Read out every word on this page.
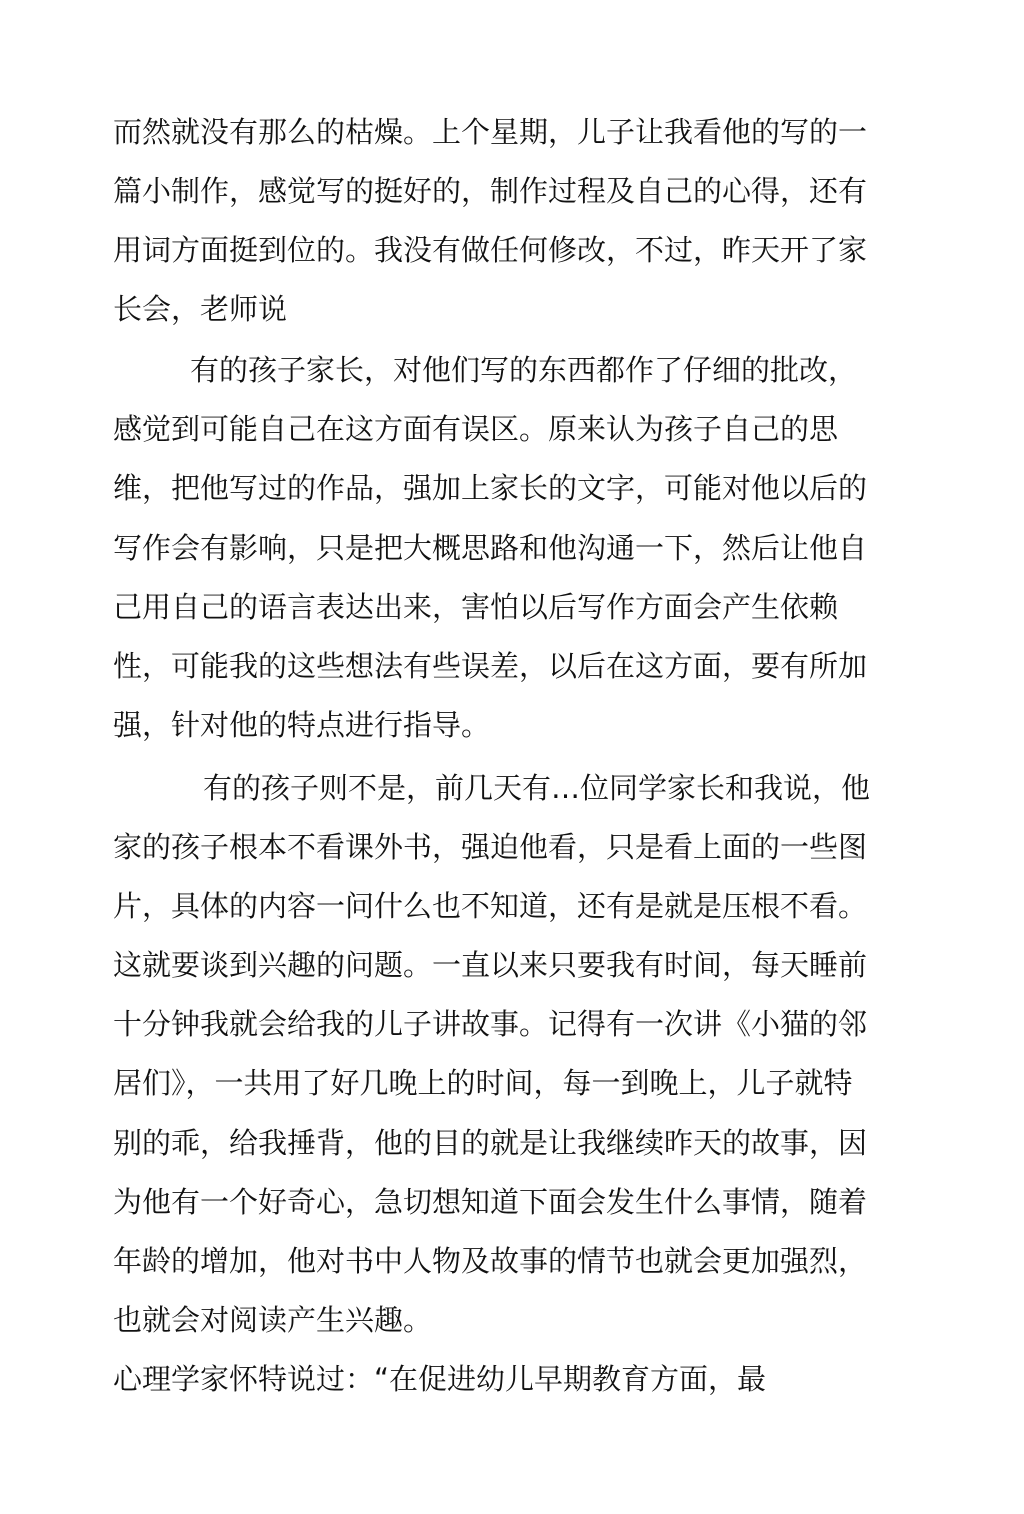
而然就没有那么的枯燥。上个星期，儿子让我看他的写的一

篇小制作，感觉写的挺好的，制作过程及自己的心得，还有

用词方面挺到位的。我没有做任何修改，不过，昨天开了家

长会，老师说

有的孩子家长，对他们写的东西都作了仔细的批改，

感觉到可能自己在这方面有误区。原来认为孩子自己的思

维，把他写过的作品，强加上家长的文字，可能对他以后的

写作会有影响，只是把大概思路和他沟通一下，然后让他自

己用自己的语言表达出来，害怕以后写作方面会产生依赖

性，可能我的这些想法有些误差，以后在这方面，要有所加

强，针对他的特点进行指导。

有的孩子则不是，前几天有…位同学家长和我说，他

家的孩子根本不看课外书，强迫他看，只是看上面的一些图

片，具体的内容一问什么也不知道，还有是就是压根不看。

这就要谈到兴趣的问题。一直以来只要我有时间，每天睡前

十分钟我就会给我的儿子讲故事。记得有一次讲《小猫的邻

居们》，一共用了好几晚上的时间，每一到晚上，儿子就特

别的乖，给我捶背，他的目的就是让我继续昨天的故事，因

为他有一个好奇心，急切想知道下面会发生什么事情，随着

年龄的增加，他对书中人物及故事的情节也就会更加强烈，

也就会对阅读产生兴趣。

心理学家怀特说过：“在促进幼儿早期教育方面，最
